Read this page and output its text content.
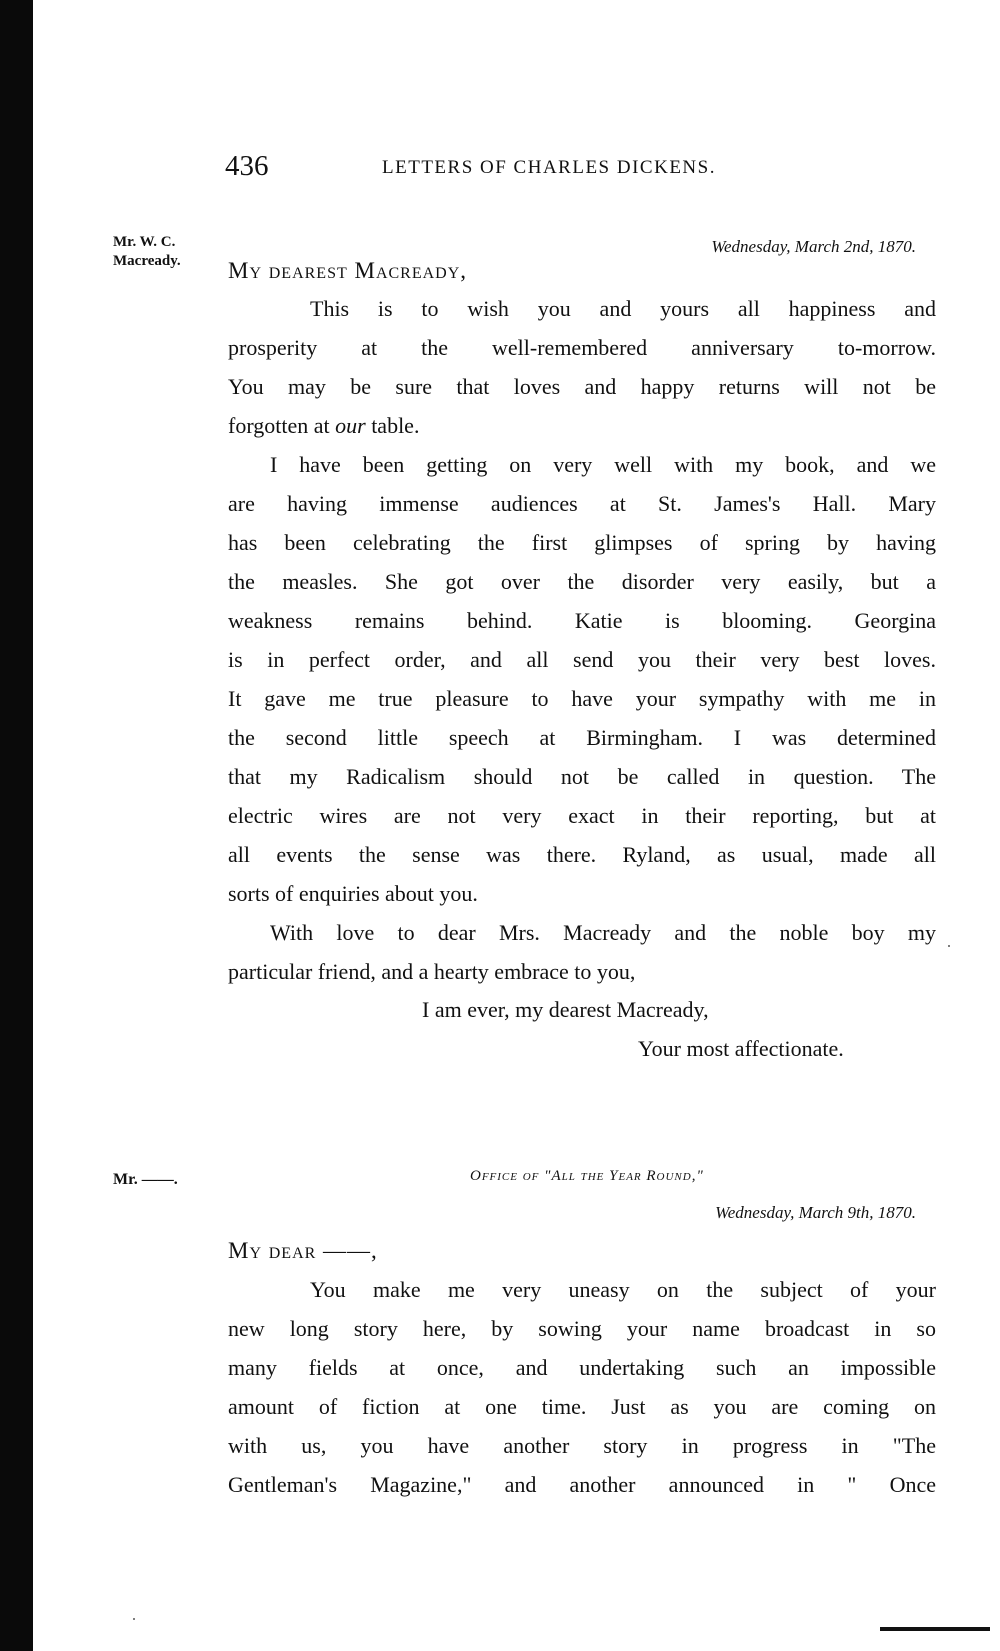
436	LETTERS OF CHARLES DICKENS.
Mr. W. C.
Macready.
Wednesday, March 2nd, 1870.
My dearest Macready,
This is to wish you and yours all happiness and
prosperity at the well-remembered anniversary to-morrow.
You may be sure that loves and happy returns will not be
forgotten at our table.
I have been getting on very well with my book, and we
are having immense audiences at St. James's Hall. Mary
has been celebrating the first glimpses of spring by having
the measles. She got over the disorder very easily, but a
weakness remains behind. Katie is blooming. Georgina
is in perfect order, and all send you their very best loves.
It gave me true pleasure to have your sympathy with me in
the second little speech at Birmingham. I was determined
that my Radicalism should not be called in question. The
electric wires are not very exact in their reporting, but at
all events the sense was there. Ryland, as usual, made all
sorts of enquiries about you.
With love to dear Mrs. Macready and the noble boy my
particular friend, and a hearty embrace to you,
I am ever, my dearest Macready,
Your most affectionate.
Mr. ——.	Office of "All the Year Round,"
Wednesday, March 9th, 1870.
My dear ——,
You make me very uneasy on the subject of your
new long story here, by sowing your name broadcast in so
many fields at once, and undertaking such an impossible
amount of fiction at one time. Just as you are coming on
with us, you have another story in progress in "The
Gentleman's Magazine," and another announced in " Once
